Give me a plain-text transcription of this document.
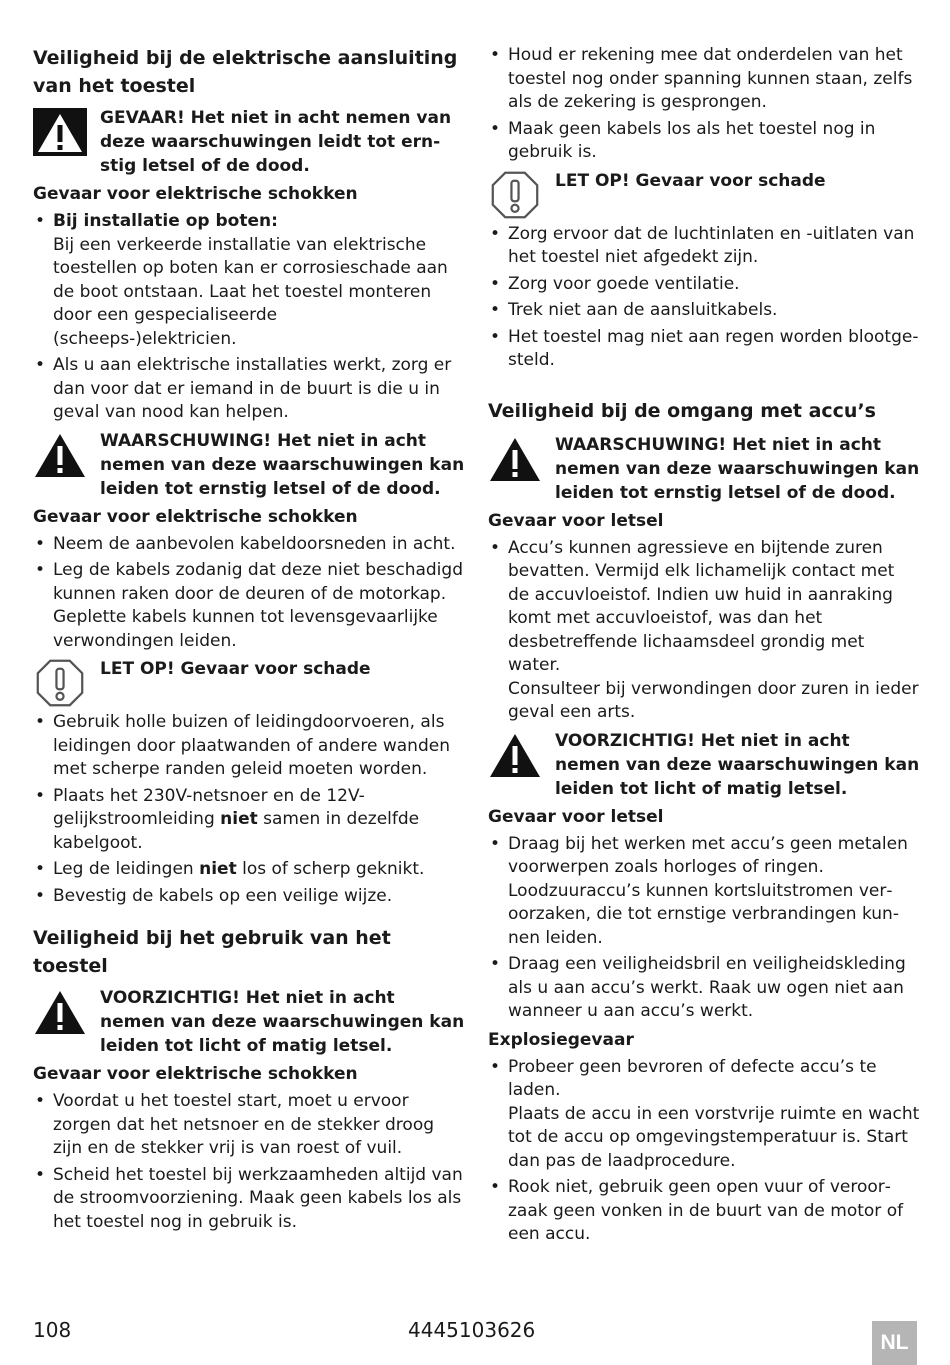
Veiligheid bij de elektrische aansluiting van het toestel
GEVAAR! Het niet in acht nemen van deze waarschuwingen leidt tot ernstig letsel of de dood.
Gevaar voor elektrische schokken
• Bij installatie op boten:
Bij een verkeerde installatie van elektrische toestellen op boten kan er corrosieschade aan de boot ontstaan. Laat het toestel monteren door een gespecialiseerde (scheeps-)elektricien.
• Als u aan elektrische installaties werkt, zorg er dan voor dat er iemand in de buurt is die u in geval van nood kan helpen.
WAARSCHUWING! Het niet in acht nemen van deze waarschuwingen kan leiden tot ernstig letsel of de dood.
Gevaar voor elektrische schokken
• Neem de aanbevolen kabeldoorsneden in acht.
• Leg de kabels zodanig dat deze niet beschadigd kunnen raken door de deuren of de motorkap. Geplette kabels kunnen tot levensgevaarlijke verwondingen leiden.
LET OP! Gevaar voor schade
• Gebruik holle buizen of leidingdoorvoeren, als leidingen door plaatwanden of andere wanden met scherpe randen geleid moeten worden.
• Plaats het 230V-netsnoer en de 12V-gelijkstroomleiding niet samen in dezelfde kabelgoot.
• Leg de leidingen niet los of scherp geknikt.
• Bevestig de kabels op een veilige wijze.
Veiligheid bij het gebruik van het toestel
VOORZICHTIG! Het niet in acht nemen van deze waarschuwingen kan leiden tot licht of matig letsel.
Gevaar voor elektrische schokken
• Voordat u het toestel start, moet u ervoor zorgen dat het netsnoer en de stekker droog zijn en de stekker vrij is van roest of vuil.
• Scheid het toestel bij werkzaamheden altijd van de stroomvoorziening. Maak geen kabels los als het toestel nog in gebruik is.
• Houd er rekening mee dat onderdelen van het toestel nog onder spanning kunnen staan, zelfs als de zekering is gesprongen.
• Maak geen kabels los als het toestel nog in gebruik is.
LET OP! Gevaar voor schade
• Zorg ervoor dat de luchtinlaten en -uitlaten van het toestel niet afgedekt zijn.
• Zorg voor goede ventilatie.
• Trek niet aan de aansluitkabels.
• Het toestel mag niet aan regen worden blootgesteld.
Veiligheid bij de omgang met accu’s
WAARSCHUWING! Het niet in acht nemen van deze waarschuwingen kan leiden tot ernstig letsel of de dood.
Gevaar voor letsel
• Accu’s kunnen agressieve en bijtende zuren bevatten. Vermijd elk lichamelijk contact met de accuvloeistof. Indien uw huid in aanraking komt met accuvloeistof, was dan het desbetreffende lichaamsdeel grondig met water.
Consulteer bij verwondingen door zuren in ieder geval een arts.
VOORZICHTIG! Het niet in acht nemen van deze waarschuwingen kan leiden tot licht of matig letsel.
Gevaar voor letsel
• Draag bij het werken met accu’s geen metalen voorwerpen zoals horloges of ringen. Loodzuuraccu’s kunnen kortsluitstromen veroorzaken, die tot ernstige verbrandingen kunnen leiden.
• Draag een veiligheidsbril en veiligheidskleding als u aan accu’s werkt. Raak uw ogen niet aan wanneer u aan accu’s werkt.
Explosiegevaar
• Probeer geen bevroren of defecte accu’s te laden.
Plaats de accu in een vorstvrije ruimte en wacht tot de accu op omgevingstemperatuur is. Start dan pas de laadprocedure.
• Rook niet, gebruik geen open vuur of veroorzaak geen vonken in de buurt van de motor of een accu.
108	4445103626
NL
